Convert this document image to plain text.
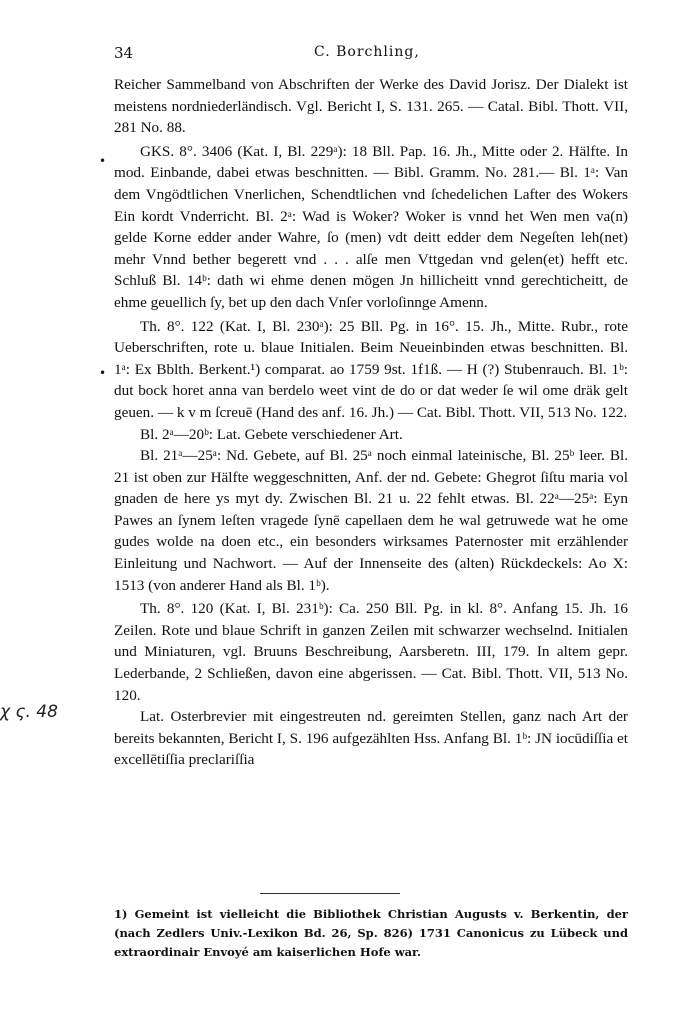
34	C. Borchling,
χ ς. 48
•
•

Reicher Sammelband von Abschriften der Werke des David Jorisz. Der Dialekt ist meistens nordniederländisch. Vgl. Bericht I, S. 131. 265. — Catal. Bibl. Thott. VII, 281 No. 88.

GKS. 8°. 3406 (Kat. I, Bl. 229ᵃ): 18 Bll. Pap. 16. Jh., Mitte oder 2. Hälfte. In mod. Einbande, dabei etwas beschnitten. — Bibl. Gramm. No. 281.— Bl. 1ᵃ: Van dem Vngödtlichen Vnerlichen, Schendtlichen vnd ſchedelichen Lafter des Wokers Ein kordt Vnderricht. Bl. 2ᵃ: Wad is Woker? Woker is vnnd het Wen men va(n) gelde Korne edder ander Wahre, ſo (men) vdt deitt edder dem Negeſten leh(net) mehr Vnnd bether begerett vnd . . . alſe men Vttgedan vnd gelen(et) hefft etc. Schluß Bl. 14ᵇ: dath wi ehme denen mögen Jn hillicheitt vnnd gerechticheitt, de ehme geuellich ſy, bet up den dach Vnſer vorloſinnge Amenn.

Th. 8°. 122 (Kat. I, Bl. 230ᵃ): 25 Bll. Pg. in 16°. 15. Jh., Mitte. Rubr., rote Ueberschriften, rote u. blaue Initialen. Beim Neueinbinden etwas beschnitten. Bl. 1ᵃ: Ex Bblth. Berkent.¹) comparat. ao 1759 9st. 1f1ß. — H (?) Stubenrauch. Bl. 1ᵇ: dut bock horet anna van berdelo weet vint de do or dat weder ſe wil ome dräk gelt geuen. — k v m ſcreuē (Hand des anf. 16. Jh.) — Cat. Bibl. Thott. VII, 513 No. 122.

Bl. 2ᵃ—20ᵇ: Lat. Gebete verschiedener Art.

Bl. 21ᵃ—25ᵃ: Nd. Gebete, auf Bl. 25ᵃ noch einmal lateinische, Bl. 25ᵇ leer. Bl. 21 ist oben zur Hälfte weggeschnitten, Anf. der nd. Gebete: Ghegrot ſiſtu maria vol gnaden de here ys myt dy. Zwischen Bl. 21 u. 22 fehlt etwas. Bl. 22ᵃ—25ᵃ: Eyn Pawes an ſynem leſten vragede ſynē capellaen dem he wal getruwede wat he ome gudes wolde na doen etc., ein besonders wirksames Paternoster mit erzählender Einleitung und Nachwort. — Auf der Innenseite des (alten) Rückdeckels: Ao X: 1513 (von anderer Hand als Bl. 1ᵇ).

Th. 8°. 120 (Kat. I, Bl. 231ᵇ): Ca. 250 Bll. Pg. in kl. 8°. Anfang 15. Jh. 16 Zeilen. Rote und blaue Schrift in ganzen Zeilen mit schwarzer wechselnd. Initialen und Miniaturen, vgl. Bruuns Beschreibung, Aarsberetn. III, 179. In altem gepr. Lederbande, 2 Schließen, davon eine abgerissen. — Cat. Bibl. Thott. VII, 513 No. 120.

Lat. Osterbrevier mit eingestreuten nd. gereimten Stellen, ganz nach Art der bereits bekannten, Bericht I, S. 196 aufgezählten Hss. Anfang Bl. 1ᵇ: JN iocūdiſſia et excellētiſſia preclariſſia

1) Gemeint ist vielleicht die Bibliothek Christian Augusts v. Berkentin, der (nach Zedlers Univ.-Lexikon Bd. 26, Sp. 826) 1731 Canonicus zu Lübeck und extraordinair Envoyé am kaiserlichen Hofe war.
